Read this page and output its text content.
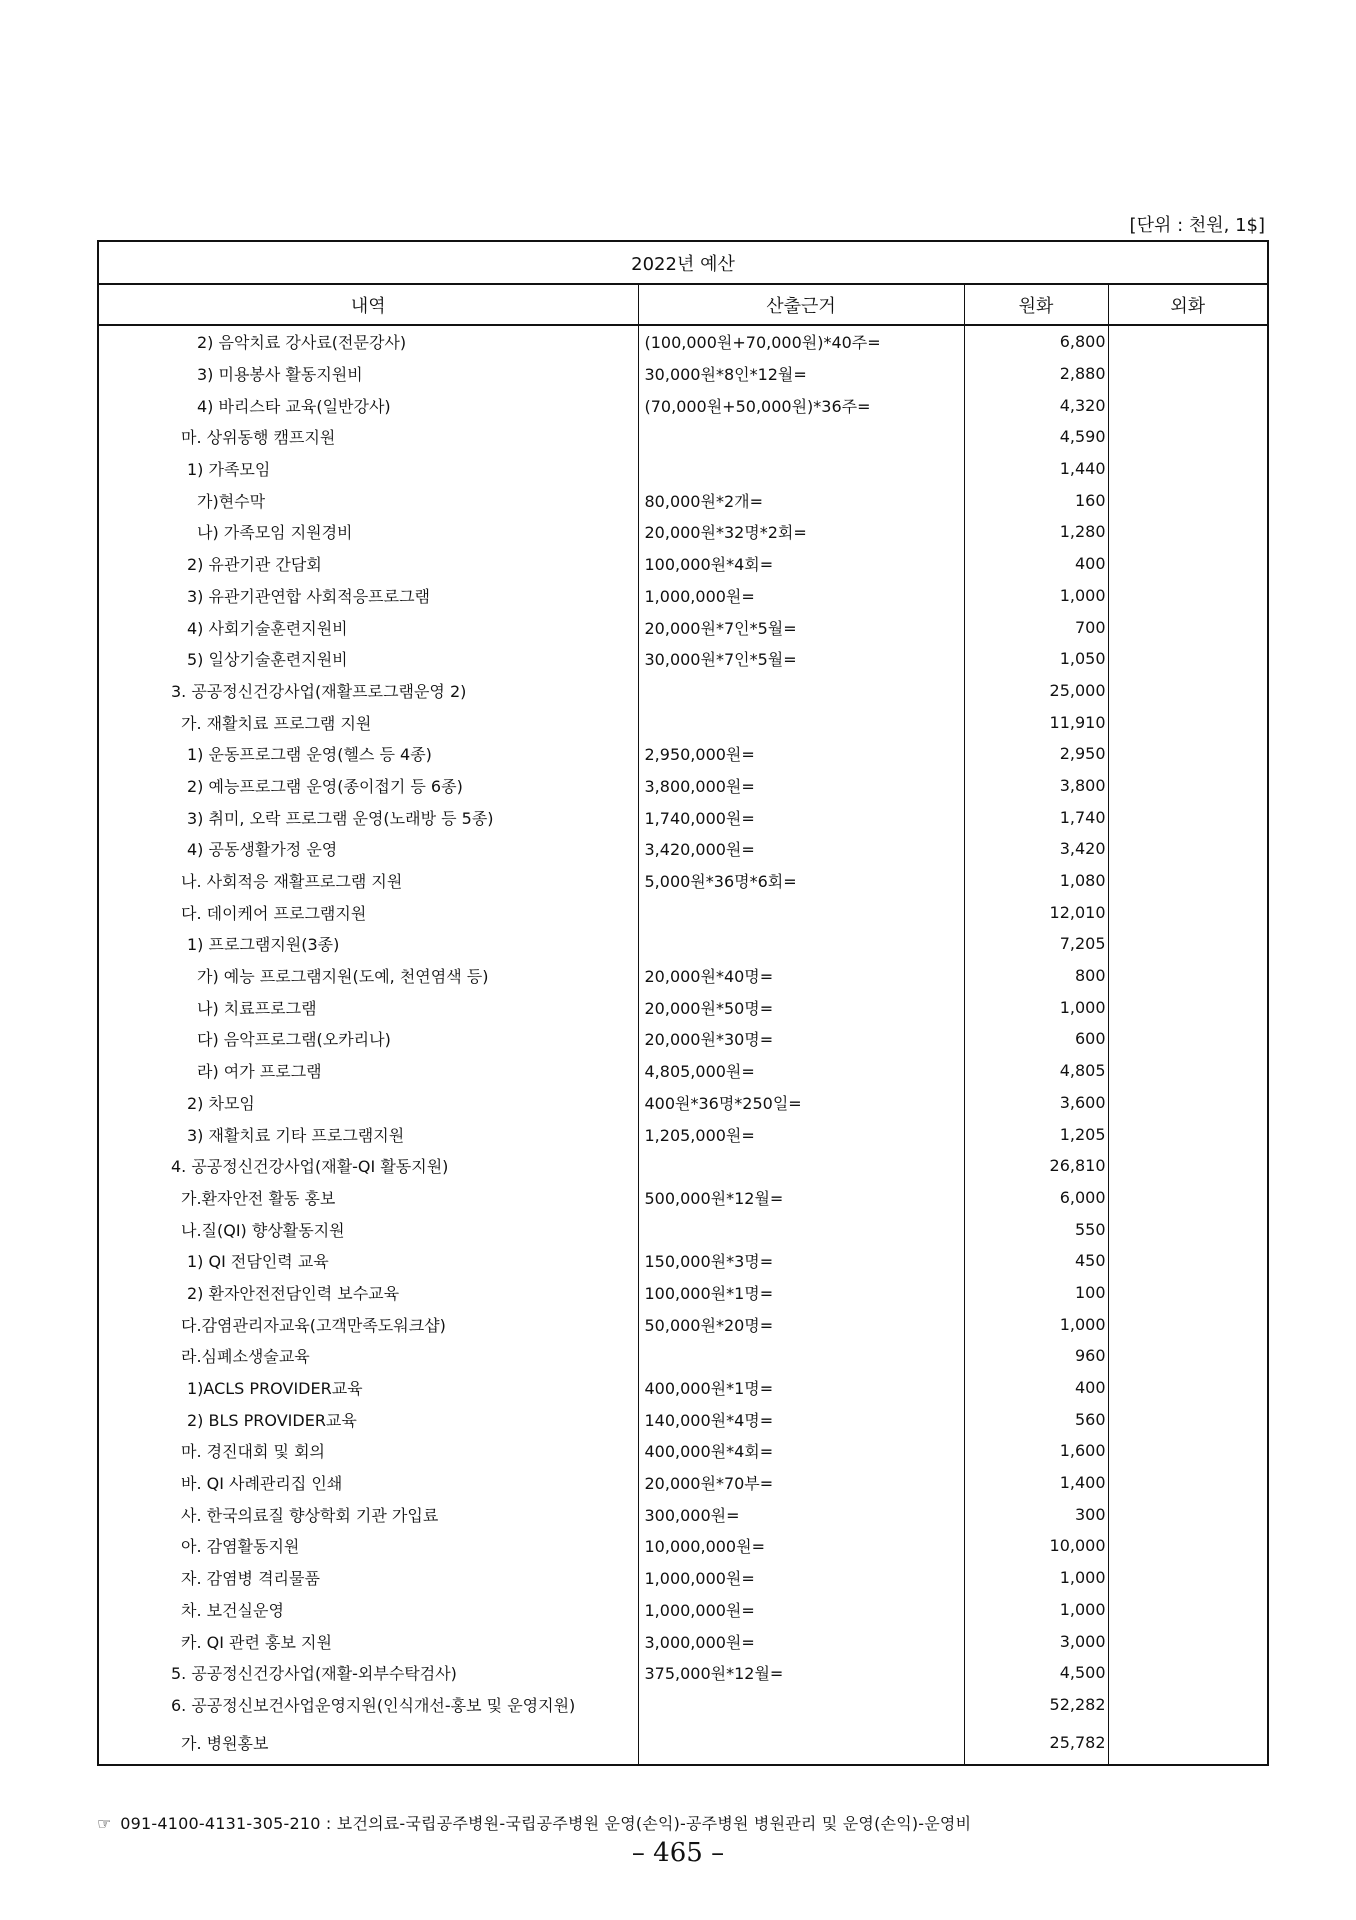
[단위 : 천원, 1$]
2022년 예산			
내역	산출근거	원화	외화
2) 음악치료 강사료(전문강사)	(100,000원+70,000원)*40주=	6,800	
3) 미용봉사 활동지원비	30,000원*8인*12월=	2,880	
4) 바리스타 교육(일반강사)	(70,000원+50,000원)*36주=	4,320	
마. 상위동행 캠프지원		4,590	
1) 가족모임		1,440	
가)현수막	80,000원*2개=	160	
나) 가족모임 지원경비	20,000원*32명*2회=	1,280	
2) 유관기관 간담회	100,000원*4회=	400	
3) 유관기관연합 사회적응프로그램	1,000,000원=	1,000	
4) 사회기술훈련지원비	20,000원*7인*5월=	700	
5) 일상기술훈련지원비	30,000원*7인*5월=	1,050	
3. 공공정신건강사업(재활프로그램운영 2)		25,000	
가. 재활치료 프로그램 지원		11,910	
1) 운동프로그램 운영(헬스 등 4종)	2,950,000원=	2,950	
2) 예능프로그램 운영(종이접기 등 6종)	3,800,000원=	3,800	
3) 취미, 오락 프로그램 운영(노래방 등 5종)	1,740,000원=	1,740	
4) 공동생활가정 운영	3,420,000원=	3,420	
나. 사회적응 재활프로그램 지원	5,000원*36명*6회=	1,080	
다. 데이케어 프로그램지원		12,010	
1) 프로그램지원(3종)		7,205	
가) 예능 프로그램지원(도예, 천연염색 등)	20,000원*40명=	800	
나) 치료프로그램	20,000원*50명=	1,000	
다) 음악프로그램(오카리나)	20,000원*30명=	600	
라) 여가 프로그램	4,805,000원=	4,805	
2) 차모임	400원*36명*250일=	3,600	
3) 재활치료 기타 프로그램지원	1,205,000원=	1,205	
4. 공공정신건강사업(재활-QI 활동지원)		26,810	
가.환자안전 활동 홍보	500,000원*12월=	6,000	
나.질(QI) 향상활동지원		550	
1) QI 전담인력 교육	150,000원*3명=	450	
2) 환자안전전담인력 보수교육	100,000원*1명=	100	
다.감염관리자교육(고객만족도워크샵)	50,000원*20명=	1,000	
라.심폐소생술교육		960	
1)ACLS PROVIDER교육	400,000원*1명=	400	
2) BLS PROVIDER교육	140,000원*4명=	560	
마. 경진대회 및 회의	400,000원*4회=	1,600	
바. QI 사례관리집 인쇄	20,000원*70부=	1,400	
사. 한국의료질 향상학회 기관 가입료	300,000원=	300	
아. 감염활동지원	10,000,000원=	10,000	
자. 감염병 격리물품	1,000,000원=	1,000	
차. 보건실운영	1,000,000원=	1,000	
카. QI 관련 홍보 지원	3,000,000원=	3,000	
5. 공공정신건강사업(재활-외부수탁검사)	375,000원*12월=	4,500	
6. 공공정신보건사업운영지원(인식개선-홍보 및 운영지원)		52,282	
가. 병원홍보		25,782	
☞ 091-4100-4131-305-210 : 보건의료-국립공주병원-국립공주병원 운영(손익)-공주병원 병원관리 및 운영(손익)-운영비
– 465 –
